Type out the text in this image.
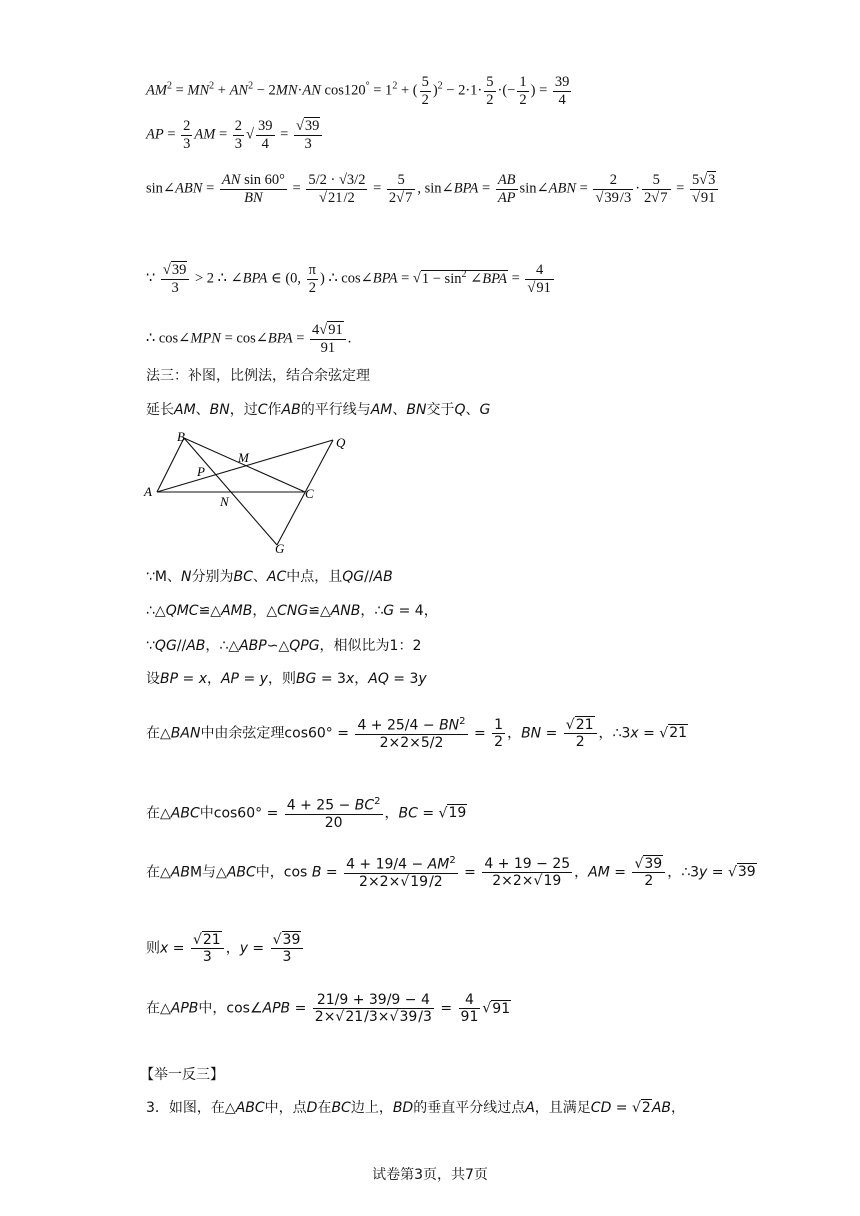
$AM^2 = MN^2 + AN^2 - 2MN\cdot AN$ $\cos 120^\circ = 1^2$ + ( $\frac{5}{2} )^2 - 2\cdot 1\cdot \frac{5}{2}$ ·(− $\frac{1}{2}$ ) = $\frac{39}{4}$
AP = $\frac{2}{3}$ AM = $\frac{2}{3}$ √ $\frac{39}{4} = \frac{√39}{3}$
sin∠ABN = $\frac{\text{AN sin 60°}}{BN} = \frac{5/2 \cdot √3/2}{√21/2} = \frac{5}{2√7}$ , sin∠BPA = $\frac{AB}{AP}$ sin∠ABN = $\frac{2}{√39/3} \cdot \frac{5}{2√7} = \frac{5√3}{√91}$
∵ $\frac{√39}{3} > 2$ ∴ ∠BPA ∈ (0, $\frac{\pi}{2}$ ) ∴ cos∠BPA = $√1 - \sin^2$ ∠BPA = $\frac{4}{√91}$
∴ cos∠MPN = cos∠BPA = $\frac{4√91}{91}$ .
法三：补图，比例法，结合余弦定理
延长AM、BN，过C作AB的平行线与AM、BN交于Q、G
B	Q
M
P
A
N
C
G
∵M、N分别为BC、AC中点，且QG//AB
∴△QMC≌△AMB，△CNG≌△ANB，∴G = 4，
∵QG//AB，∴△ABP∽△QPG，相似比为1：2
设BP = x，AP = y，则BG = 3x，AQ = 3y
在△BAN中由余弦定理$\cos 60^\circ = \frac{4 + 25/4 - BN^2}{2\times 2\times 5/2} = \frac{1}{2}$ ，BN = $\frac{√21}{2}$ ，∴3x = √21
在△ABC中$\cos 60^\circ = \frac{4 + 25 - BC^2}{20}$ ，BC = √19
在△ABM与△ABC中，$\cos B = \frac{4 + 19/4 - AM^2}{2\times 2\times√19/2} = \frac{4 + 19 - 25}{2\times 2\times√19}$ ，AM = $\frac{√39}{2}$ ，∴3y = √39
则$x = \frac{√21}{3}$ ，$y = \frac{√39}{3}$
在△APB中，cos∠APB = $\frac{21/9 + 39/9 - 4}{2\times√21/3\times√39/3} = \frac{4}{91} √91$
【举一反三】
3．如图，在△ABC中，点D在BC边上，BD的垂直平分线过点A，且满足CD = √2AB，
试卷第3页，共7页
